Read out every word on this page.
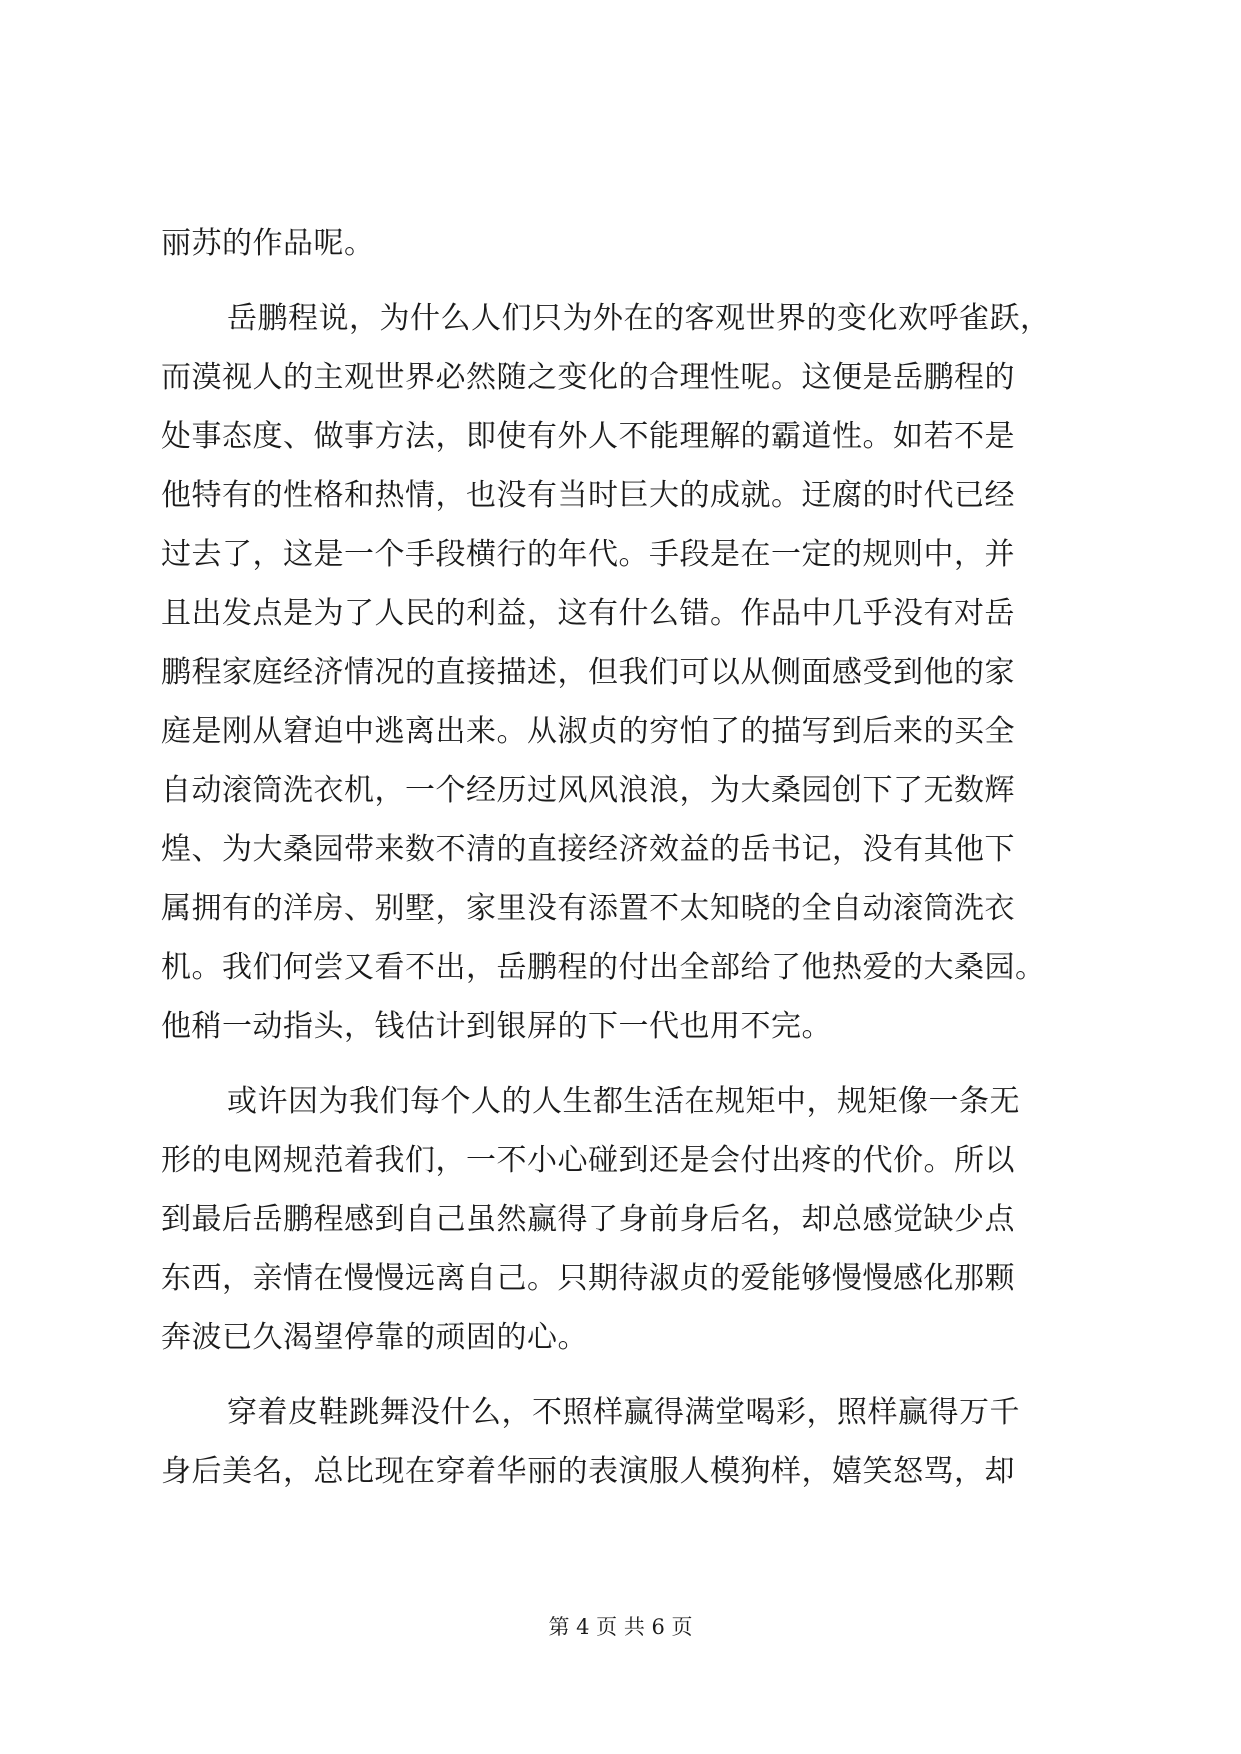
丽苏的作品呢。
岳鹏程说，为什么人们只为外在的客观世界的变化欢呼雀跃，
而漠视人的主观世界必然随之变化的合理性呢。这便是岳鹏程的
处事态度、做事方法，即使有外人不能理解的霸道性。如若不是
他特有的性格和热情，也没有当时巨大的成就。迂腐的时代已经
过去了，这是一个手段横行的年代。手段是在一定的规则中，并
且出发点是为了人民的利益，这有什么错。作品中几乎没有对岳
鹏程家庭经济情况的直接描述，但我们可以从侧面感受到他的家
庭是刚从窘迫中逃离出来。从淑贞的穷怕了的描写到后来的买全
自动滚筒洗衣机，一个经历过风风浪浪，为大桑园创下了无数辉
煌、为大桑园带来数不清的直接经济效益的岳书记，没有其他下
属拥有的洋房、别墅，家里没有添置不太知晓的全自动滚筒洗衣
机。我们何尝又看不出，岳鹏程的付出全部给了他热爱的大桑园。
他稍一动指头，钱估计到银屏的下一代也用不完。
或许因为我们每个人的人生都生活在规矩中，规矩像一条无
形的电网规范着我们，一不小心碰到还是会付出疼的代价。所以
到最后岳鹏程感到自己虽然赢得了身前身后名，却总感觉缺少点
东西，亲情在慢慢远离自己。只期待淑贞的爱能够慢慢感化那颗
奔波已久渴望停靠的顽固的心。
穿着皮鞋跳舞没什么，不照样赢得满堂喝彩，照样赢得万千
身后美名，总比现在穿着华丽的表演服人模狗样，嬉笑怒骂，却
第 4 页 共 6 页
